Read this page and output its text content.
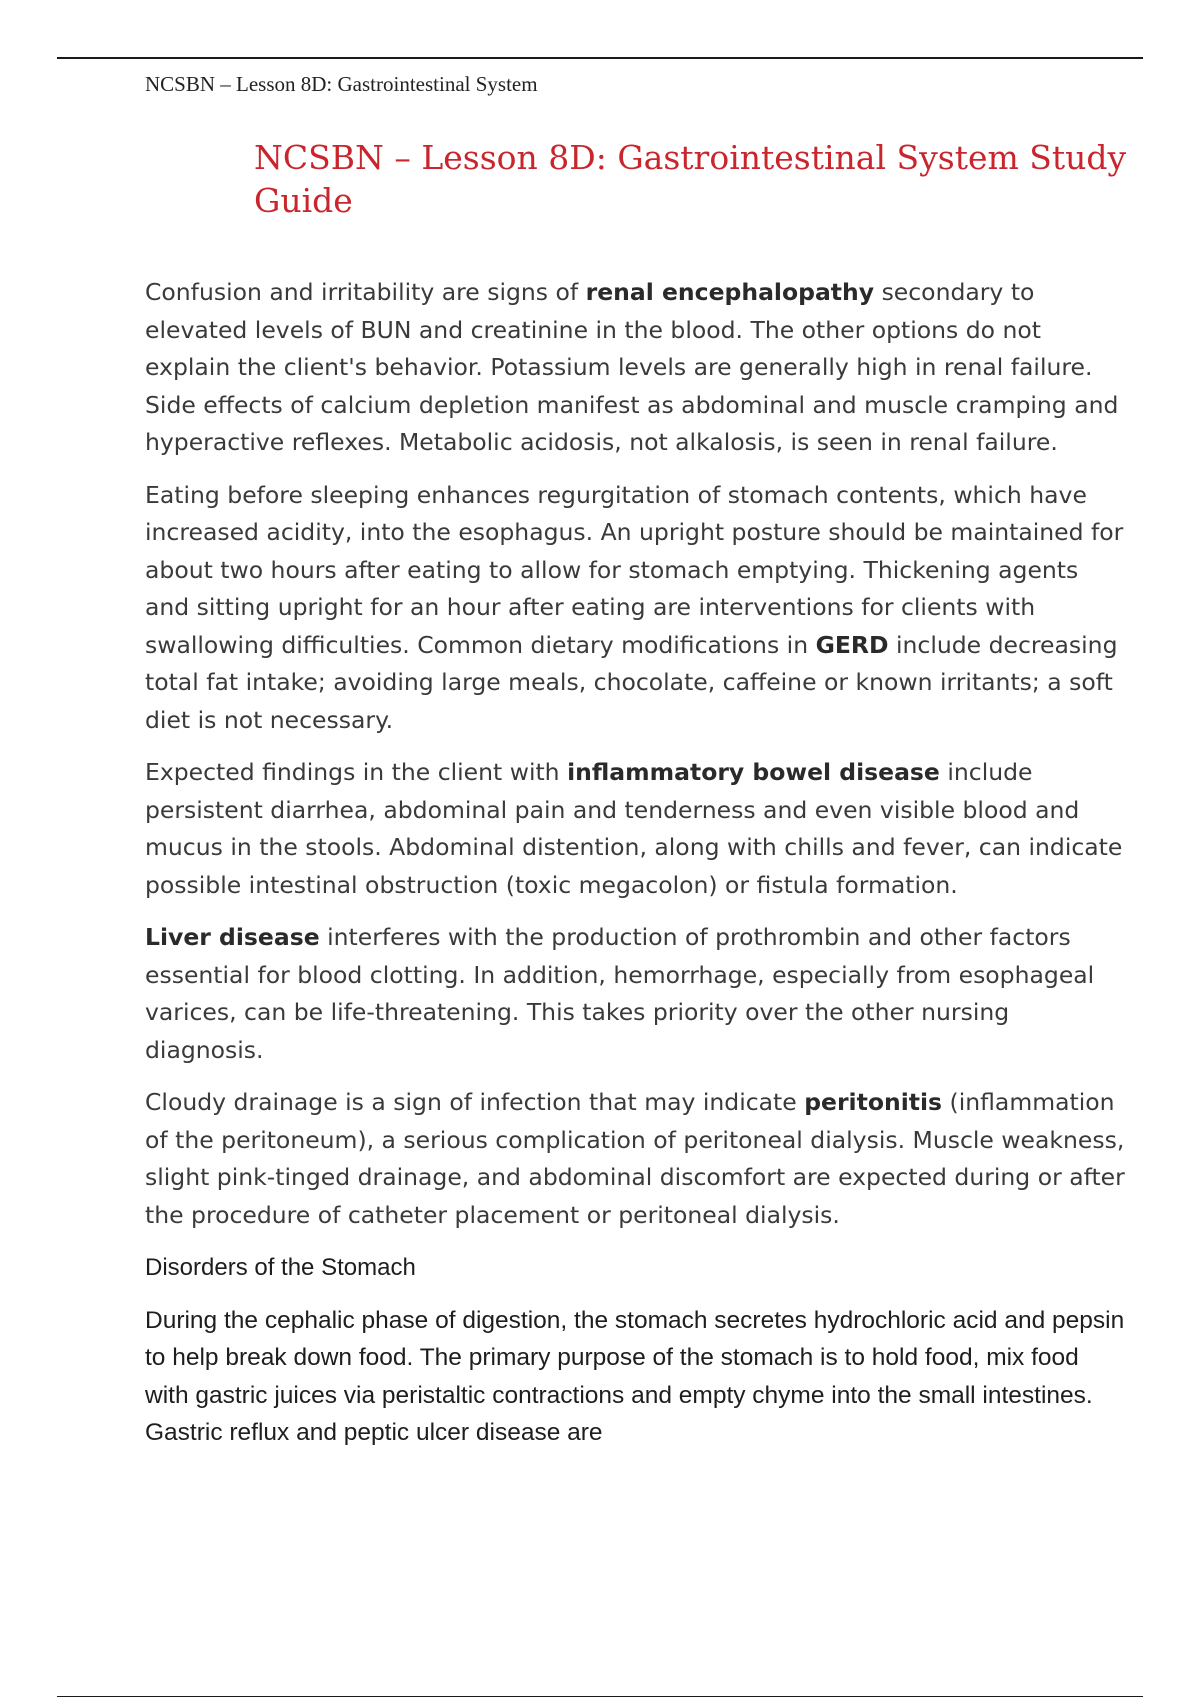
NCSBN – Lesson 8D: Gastrointestinal System
NCSBN – Lesson 8D: Gastrointestinal System Study Guide

Confusion and irritability are signs of renal encephalopathy secondary to elevated levels of BUN and creatinine in the blood. The other options do not explain the client's behavior. Potassium levels are generally high in renal failure. Side effects of calcium depletion manifest as abdominal and muscle cramping and hyperactive reflexes. Metabolic acidosis, not alkalosis, is seen in renal failure.

Eating before sleeping enhances regurgitation of stomach contents, which have increased acidity, into the esophagus. An upright posture should be maintained for about two hours after eating to allow for stomach emptying. Thickening agents and sitting upright for an hour after eating are interventions for clients with swallowing difficulties. Common dietary modifications in GERD include decreasing total fat intake; avoiding large meals, chocolate, caffeine or known irritants; a soft diet is not necessary.

Expected findings in the client with inflammatory bowel disease include persistent diarrhea, abdominal pain and tenderness and even visible blood and mucus in the stools. Abdominal distention, along with chills and fever, can indicate possible intestinal obstruction (toxic megacolon) or fistula formation.

Liver disease interferes with the production of prothrombin and other factors essential for blood clotting. In addition, hemorrhage, especially from esophageal varices, can be life-threatening. This takes priority over the other nursing diagnosis.

Cloudy drainage is a sign of infection that may indicate peritonitis (inflammation of the peritoneum), a serious complication of peritoneal dialysis. Muscle weakness, slight pink-tinged drainage, and abdominal discomfort are expected during or after the procedure of catheter placement or peritoneal dialysis.

Disorders of the Stomach

During the cephalic phase of digestion, the stomach secretes hydrochloric acid and pepsin to help break down food. The primary purpose of the stomach is to hold food, mix food with gastric juices via peristaltic contractions and empty chyme into the small intestines. Gastric reflux and peptic ulcer disease are
